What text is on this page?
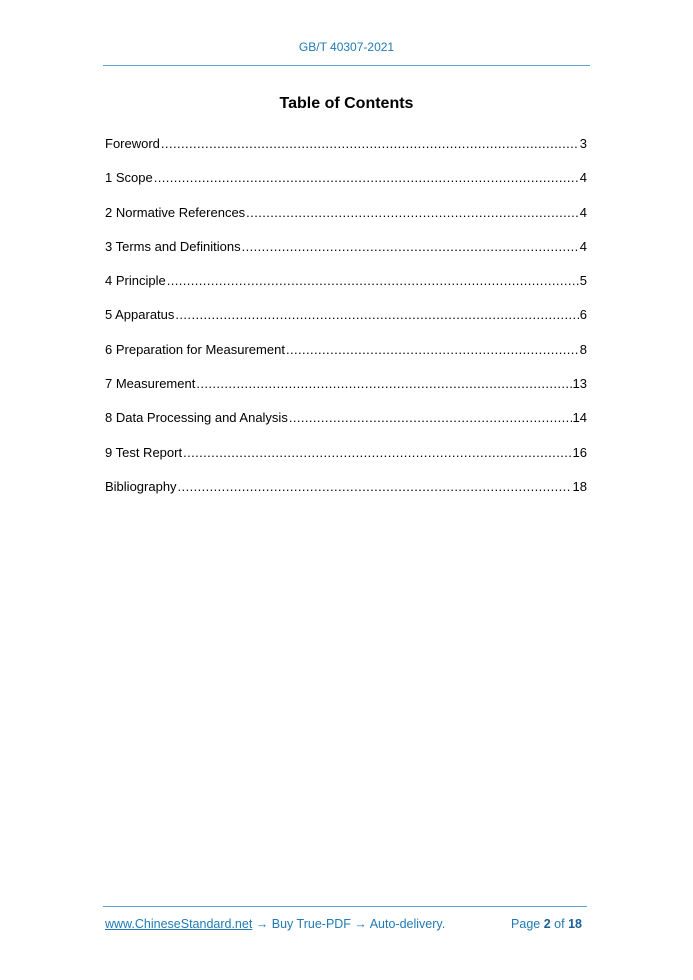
GB/T 40307-2021
Table of Contents
Foreword .....	3
1 Scope .....	4
2 Normative References .....	4
3 Terms and Definitions .....	4
4 Principle .....	5
5 Apparatus .....	6
6 Preparation for Measurement .....	8
7 Measurement .....	13
8 Data Processing and Analysis .....	14
9 Test Report .....	16
Bibliography .....	18
www.ChineseStandard.net → Buy True-PDF → Auto-delivery.	Page 2 of 18
